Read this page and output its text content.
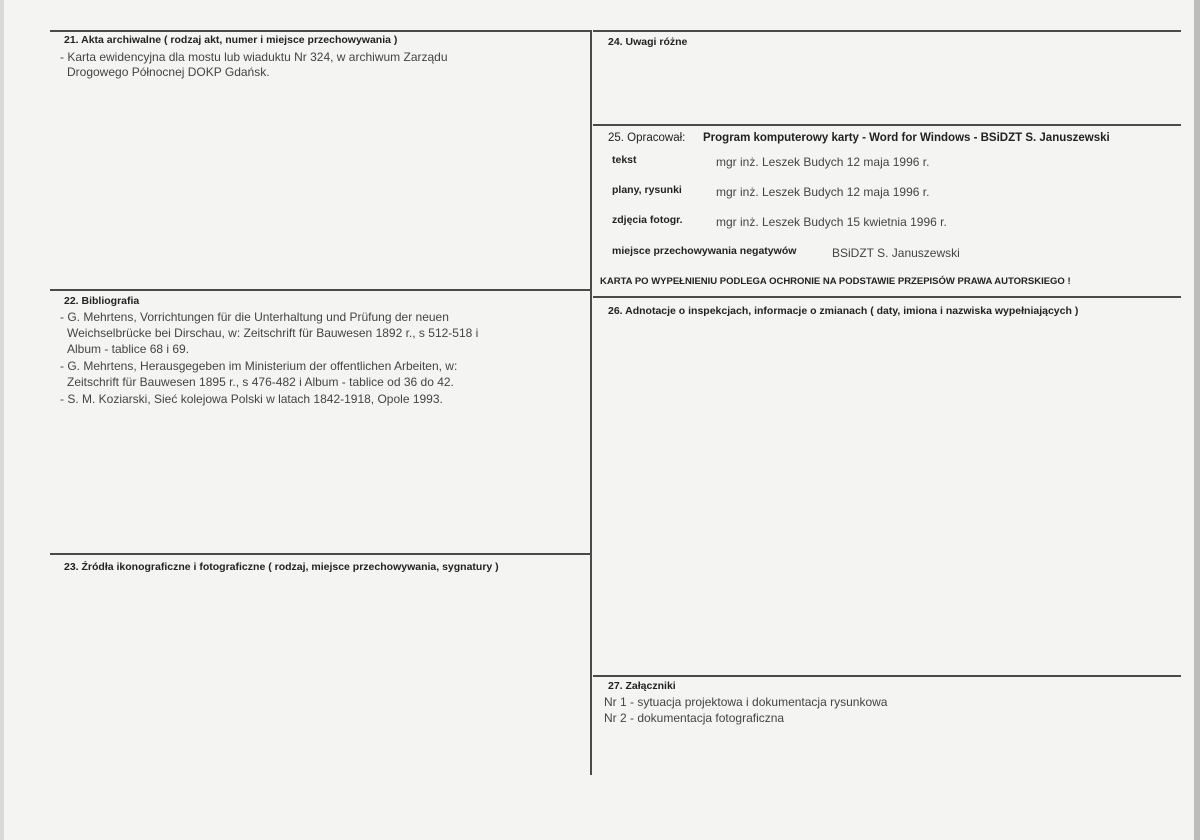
21. Akta archiwalne ( rodzaj akt, numer i miejsce przechowywania )
- Karta ewidencyjna dla mostu lub wiaduktu Nr 324, w archiwum Zarządu
Drogowego Północnej DOKP Gdańsk.
22. Bibliografia
- G. Mehrtens, Vorrichtungen für die Unterhaltung und Prüfung der neuen
Weichselbrücke bei Dirschau, w: Zeitschrift für Bauwesen 1892 r., s 512-518 i
Album - tablice 68 i 69.
- G. Mehrtens, Herausgegeben im Ministerium der offentlichen Arbeiten, w:
Zeitschrift für Bauwesen 1895 r., s 476-482 i Album - tablice od 36 do 42.
- S. M. Koziarski, Sieć kolejowa Polski w latach 1842-1918, Opole 1993.
23. Źródła ikonograficzne i fotograficzne ( rodzaj, miejsce przechowywania, sygnatury )
24. Uwagi różne
25. Opracował: Program komputerowy karty - Word for Windows - BSiDZT S. Januszewski
tekst	mgr inż. Leszek Budych 12 maja 1996 r.
plany, rysunki	mgr inż. Leszek Budych 12 maja 1996 r.
zdjęcia fotogr.	mgr inż. Leszek Budych 15 kwietnia 1996 r.
miejsce przechowywania negatywów	BSiDZT S. Januszewski
KARTA PO WYPEŁNIENIU PODLEGA OCHRONIE NA PODSTAWIE PRZEPISÓW PRAWA AUTORSKIEGO !
26. Adnotacje o inspekcjach, informacje o zmianach ( daty, imiona i nazwiska wypełniających )
27. Załączniki
Nr 1 - sytuacja projektowa i dokumentacja rysunkowa
Nr 2 - dokumentacja fotograficzna
